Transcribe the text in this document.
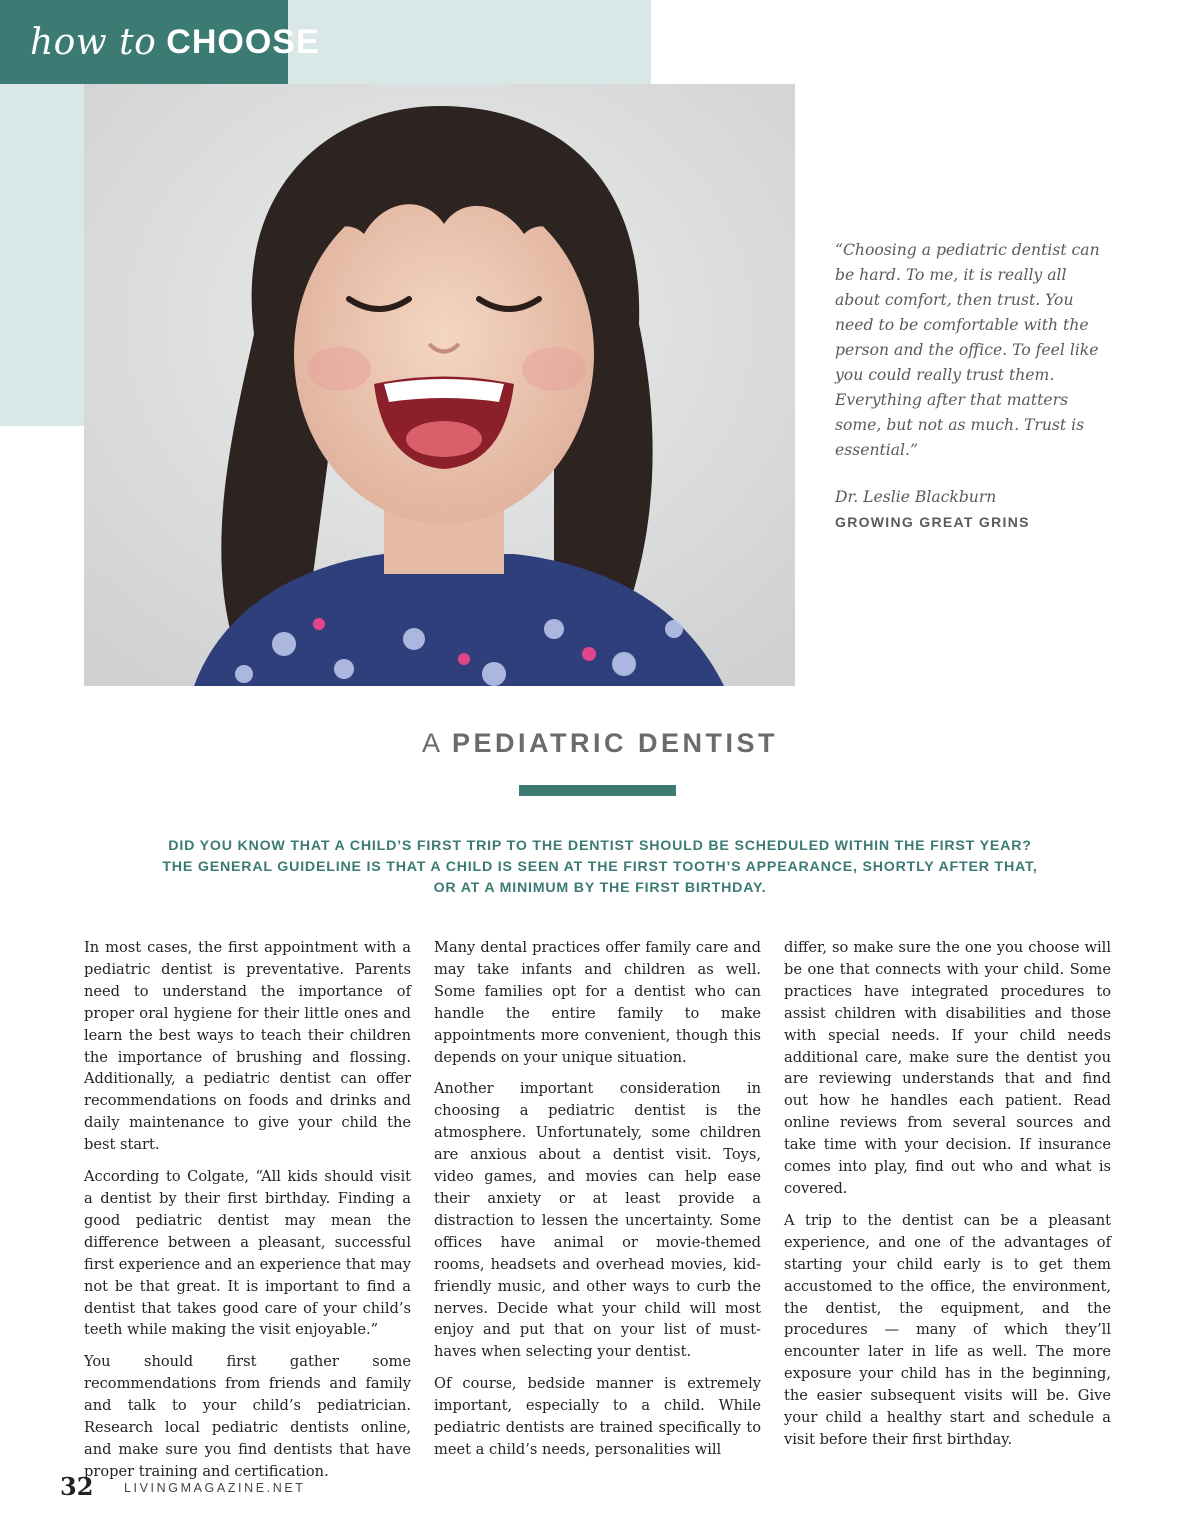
how to CHOOSE
“Choosing a pediatric dentist can be hard. To me, it is really all about comfort, then trust. You need to be comfortable with the person and the office. To feel like you could really trust them. Everything after that matters some, but not as much. Trust is essential.”
Dr. Leslie Blackburn
GROWING GREAT GRINS
A PEDIATRIC DENTIST

DID YOU KNOW THAT A CHILD’S FIRST TRIP TO THE DENTIST SHOULD BE SCHEDULED WITHIN THE FIRST YEAR?

THE GENERAL GUIDELINE IS THAT A CHILD IS SEEN AT THE FIRST TOOTH’S APPEARANCE, SHORTLY AFTER THAT,

OR AT A MINIMUM BY THE FIRST BIRTHDAY.

In most cases, the first appointment with a pediatric dentist is preventative. Parents need to understand the importance of proper oral hygiene for their little ones and learn the best ways to teach their children the importance of brushing and flossing. Additionally, a pediatric dentist can offer recommendations on foods and drinks and daily maintenance to give your child the best start.

According to Colgate, “All kids should visit a dentist by their first birthday. Finding a good pediatric dentist may mean the difference between a pleasant, successful first experience and an experience that may not be that great. It is important to find a dentist that takes good care of your child’s teeth while making the visit enjoyable.”

You should first gather some recommendations from friends and family and talk to your child’s pediatrician. Research local pediatric dentists online, and make sure you find dentists that have proper training and certification.

Many dental practices offer family care and may take infants and children as well. Some families opt for a dentist who can handle the entire family to make appointments more convenient, though this depends on your unique situation.

Another important consideration in choosing a pediatric dentist is the atmosphere. Unfortunately, some children are anxious about a dentist visit. Toys, video games, and movies can help ease their anxiety or at least provide a distraction to lessen the uncertainty. Some offices have animal or movie-themed rooms, headsets and overhead movies, kid-friendly music, and other ways to curb the nerves. Decide what your child will most enjoy and put that on your list of must-haves when selecting your dentist.

Of course, bedside manner is extremely important, especially to a child. While pediatric dentists are trained specifically to meet a child’s needs, personalities will

differ, so make sure the one you choose will be one that connects with your child. Some practices have integrated procedures to assist children with disabilities and those with special needs. If your child needs additional care, make sure the dentist you are reviewing understands that and find out how he handles each patient. Read online reviews from several sources and take time with your decision. If insurance comes into play, find out who and what is covered.

A trip to the dentist can be a pleasant experience, and one of the advantages of starting your child early is to get them accustomed to the office, the environment, the dentist, the equipment, and the procedures — many of which they’ll encounter later in life as well. The more exposure your child has in the beginning, the easier subsequent visits will be. Give your child a healthy start and schedule a visit before their first birthday.

32 LIVINGMAGAZINE.NET
